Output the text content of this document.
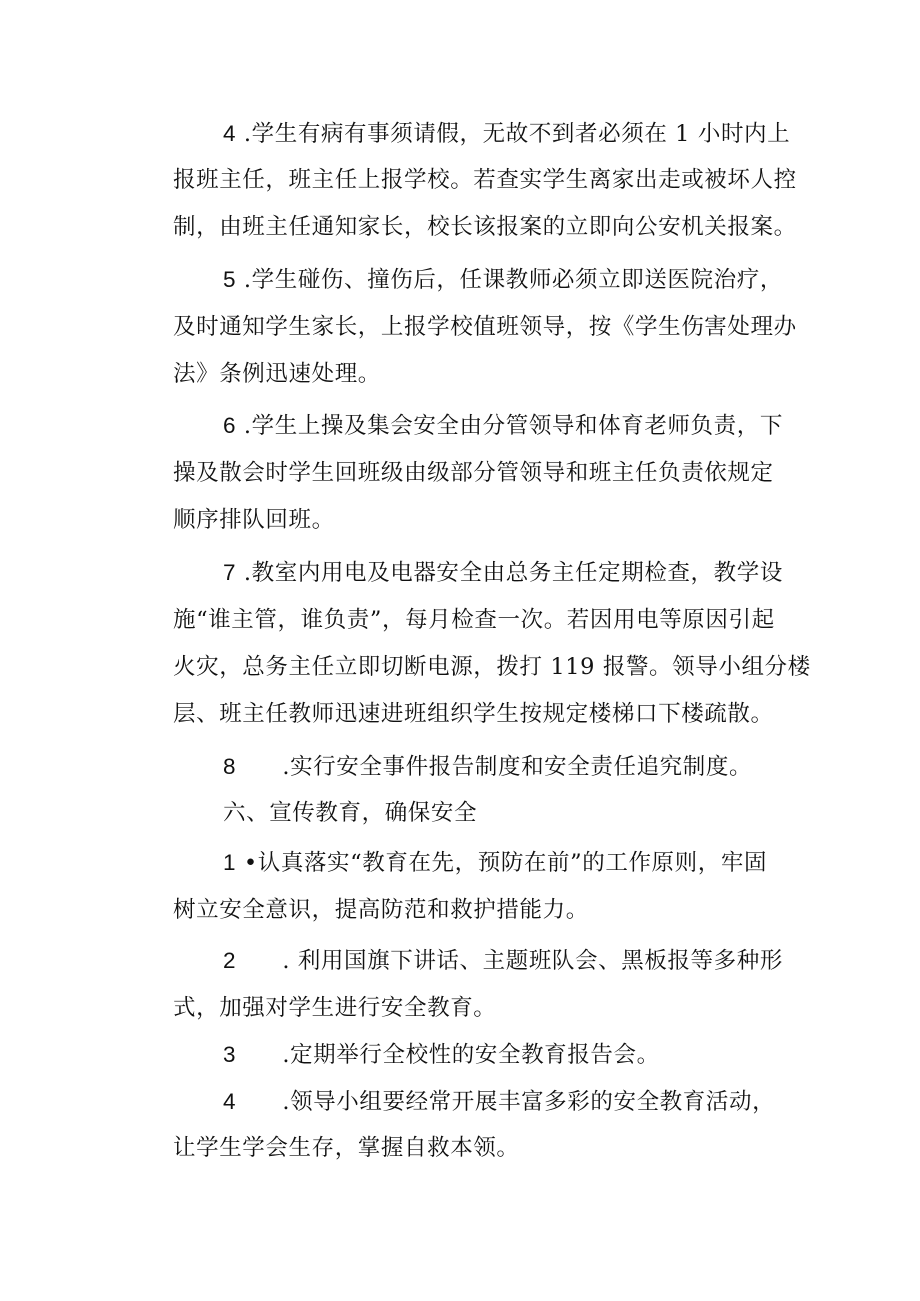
4 .学生有病有事须请假，无故不到者必须在 1 小时内上
报班主任，班主任上报学校。若查实学生离家出走或被坏人控
制，由班主任通知家长，校长该报案的立即向公安机关报案。
5 .学生碰伤、撞伤后，任课教师必须立即送医院治疗，
及时通知学生家长，上报学校值班领导，按《学生伤害处理办
法》条例迅速处理。
6 .学生上操及集会安全由分管领导和体育老师负责，下
操及散会时学生回班级由级部分管领导和班主任负责依规定
顺序排队回班。
7 .教室内用电及电器安全由总务主任定期检查，教学设
施“谁主管，谁负责”，每月检查一次。若因用电等原因引起
火灾，总务主任立即切断电源，拨打 119 报警。领导小组分楼
层、班主任教师迅速进班组织学生按规定楼梯口下楼疏散。
8　　.实行安全事件报告制度和安全责任追究制度。
六、宣传教育，确保安全
1 •认真落实“教育在先，预防在前”的工作原则，牢固
树立安全意识，提高防范和救护措能力。
2　　. 利用国旗下讲话、主题班队会、黑板报等多种形
式，加强对学生进行安全教育。
3　　.定期举行全校性的安全教育报告会。
4　　.领导小组要经常开展丰富多彩的安全教育活动，
让学生学会生存，掌握自救本领。
